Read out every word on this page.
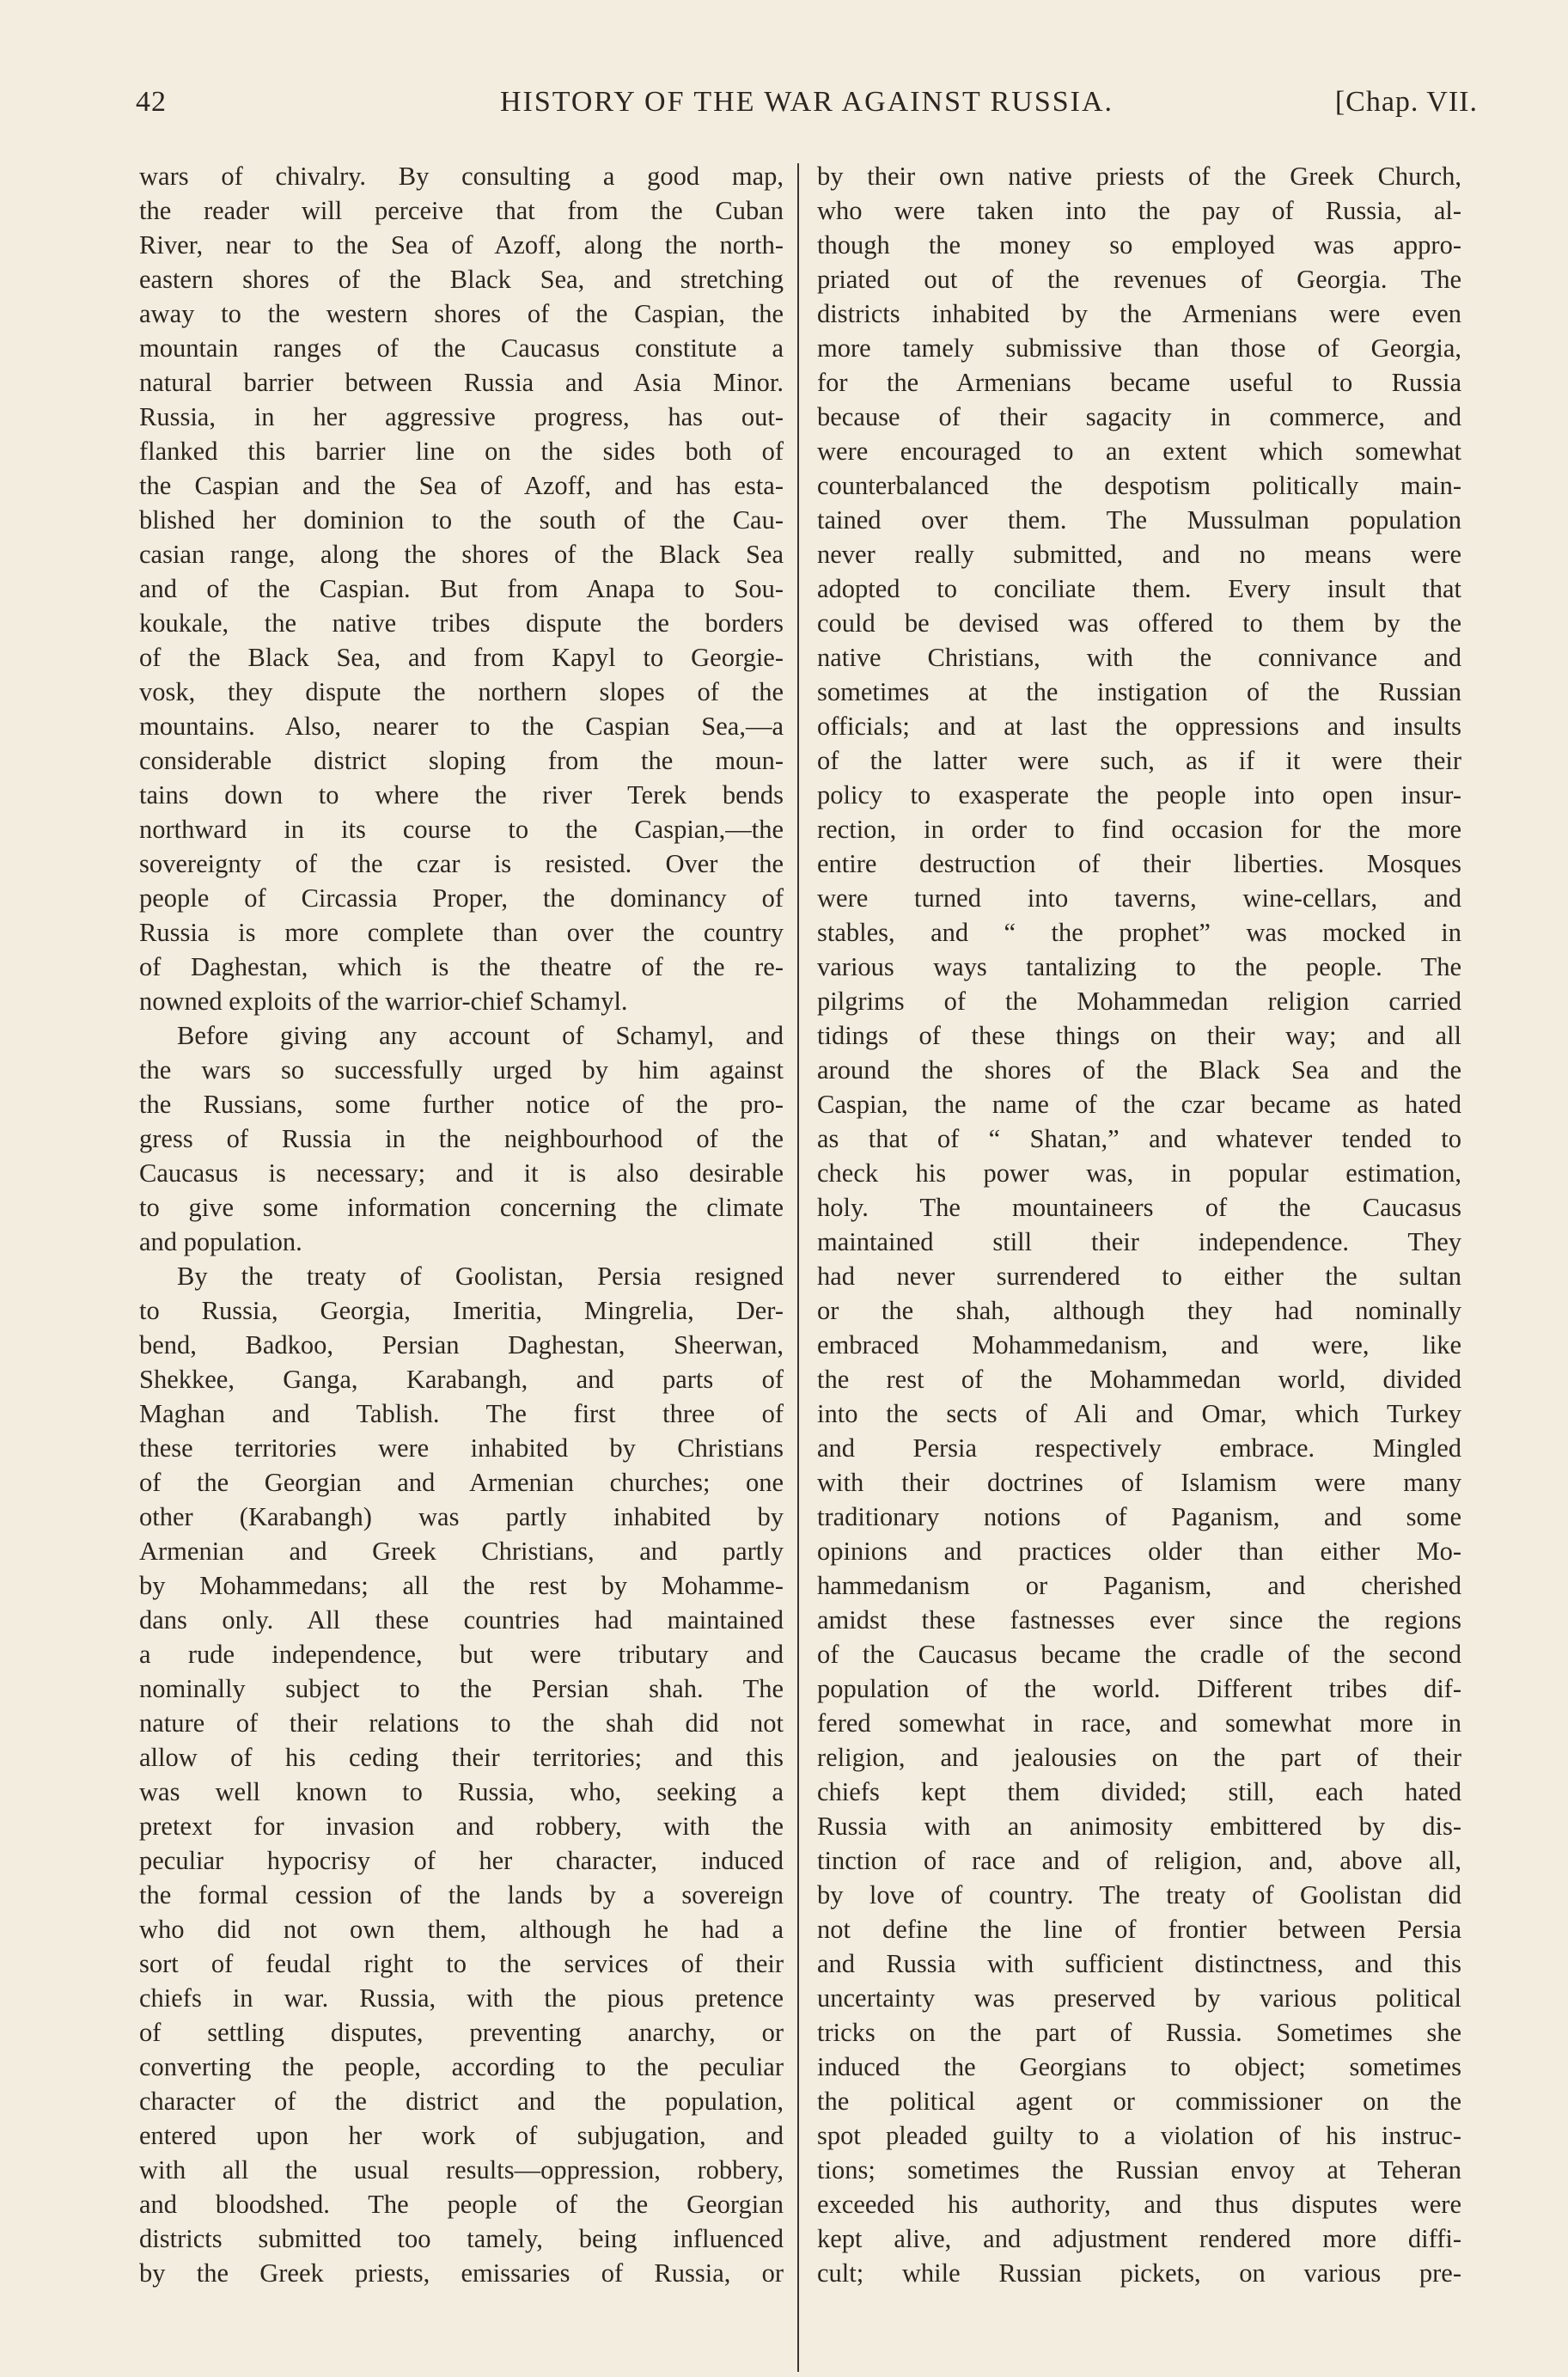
42	HISTORY OF THE WAR AGAINST RUSSIA.	[Chap. VII.
wars of chivalry. By consulting a good map,
the reader will perceive that from the Cuban
River, near to the Sea of Azoff, along the north-
eastern shores of the Black Sea, and stretching
away to the western shores of the Caspian, the
mountain ranges of the Caucasus constitute a
natural barrier between Russia and Asia Minor.
Russia, in her aggressive progress, has out-
flanked this barrier line on the sides both of
the Caspian and the Sea of Azoff, and has esta-
blished her dominion to the south of the Cau-
casian range, along the shores of the Black Sea
and of the Caspian. But from Anapa to Sou-
koukale, the native tribes dispute the borders
of the Black Sea, and from Kapyl to Georgie-
vosk, they dispute the northern slopes of the
mountains. Also, nearer to the Caspian Sea,—a
considerable district sloping from the moun-
tains down to where the river Terek bends
northward in its course to the Caspian,—the
sovereignty of the czar is resisted. Over the
people of Circassia Proper, the dominancy of
Russia is more complete than over the country
of Daghestan, which is the theatre of the re-
nowned exploits of the warrior-chief Schamyl.
Before giving any account of Schamyl, and
the wars so successfully urged by him against
the Russians, some further notice of the pro-
gress of Russia in the neighbourhood of the
Caucasus is necessary; and it is also desirable
to give some information concerning the climate
and population.
By the treaty of Goolistan, Persia resigned
to Russia, Georgia, Imeritia, Mingrelia, Der-
bend, Badkoo, Persian Daghestan, Sheerwan,
Shekkee, Ganga, Karabangh, and parts of
Maghan and Tablish. The first three of
these territories were inhabited by Christians
of the Georgian and Armenian churches; one
other (Karabangh) was partly inhabited by
Armenian and Greek Christians, and partly
by Mohammedans; all the rest by Mohamme-
dans only. All these countries had maintained
a rude independence, but were tributary and
nominally subject to the Persian shah. The
nature of their relations to the shah did not
allow of his ceding their territories; and this
was well known to Russia, who, seeking a
pretext for invasion and robbery, with the
peculiar hypocrisy of her character, induced
the formal cession of the lands by a sovereign
who did not own them, although he had a
sort of feudal right to the services of their
chiefs in war. Russia, with the pious pretence
of settling disputes, preventing anarchy, or
converting the people, according to the peculiar
character of the district and the population,
entered upon her work of subjugation, and
with all the usual results—oppression, robbery,
and bloodshed. The people of the Georgian
districts submitted too tamely, being influenced
by the Greek priests, emissaries of Russia, or
by their own native priests of the Greek Church,
who were taken into the pay of Russia, al-
though the money so employed was appro-
priated out of the revenues of Georgia. The
districts inhabited by the Armenians were even
more tamely submissive than those of Georgia,
for the Armenians became useful to Russia
because of their sagacity in commerce, and
were encouraged to an extent which somewhat
counterbalanced the despotism politically main-
tained over them. The Mussulman population
never really submitted, and no means were
adopted to conciliate them. Every insult that
could be devised was offered to them by the
native Christians, with the connivance and
sometimes at the instigation of the Russian
officials; and at last the oppressions and insults
of the latter were such, as if it were their
policy to exasperate the people into open insur-
rection, in order to find occasion for the more
entire destruction of their liberties. Mosques
were turned into taverns, wine-cellars, and
stables, and “ the prophet” was mocked in
various ways tantalizing to the people. The
pilgrims of the Mohammedan religion carried
tidings of these things on their way; and all
around the shores of the Black Sea and the
Caspian, the name of the czar became as hated
as that of “ Shatan,” and whatever tended to
check his power was, in popular estimation,
holy. The mountaineers of the Caucasus
maintained still their independence. They
had never surrendered to either the sultan
or the shah, although they had nominally
embraced Mohammedanism, and were, like
the rest of the Mohammedan world, divided
into the sects of Ali and Omar, which Turkey
and Persia respectively embrace. Mingled
with their doctrines of Islamism were many
traditionary notions of Paganism, and some
opinions and practices older than either Mo-
hammedanism or Paganism, and cherished
amidst these fastnesses ever since the regions
of the Caucasus became the cradle of the second
population of the world. Different tribes dif-
fered somewhat in race, and somewhat more in
religion, and jealousies on the part of their
chiefs kept them divided; still, each hated
Russia with an animosity embittered by dis-
tinction of race and of religion, and, above all,
by love of country. The treaty of Goolistan did
not define the line of frontier between Persia
and Russia with sufficient distinctness, and this
uncertainty was preserved by various political
tricks on the part of Russia. Sometimes she
induced the Georgians to object; sometimes
the political agent or commissioner on the
spot pleaded guilty to a violation of his instruc-
tions; sometimes the Russian envoy at Teheran
exceeded his authority, and thus disputes were
kept alive, and adjustment rendered more diffi-
cult; while Russian pickets, on various pre-
